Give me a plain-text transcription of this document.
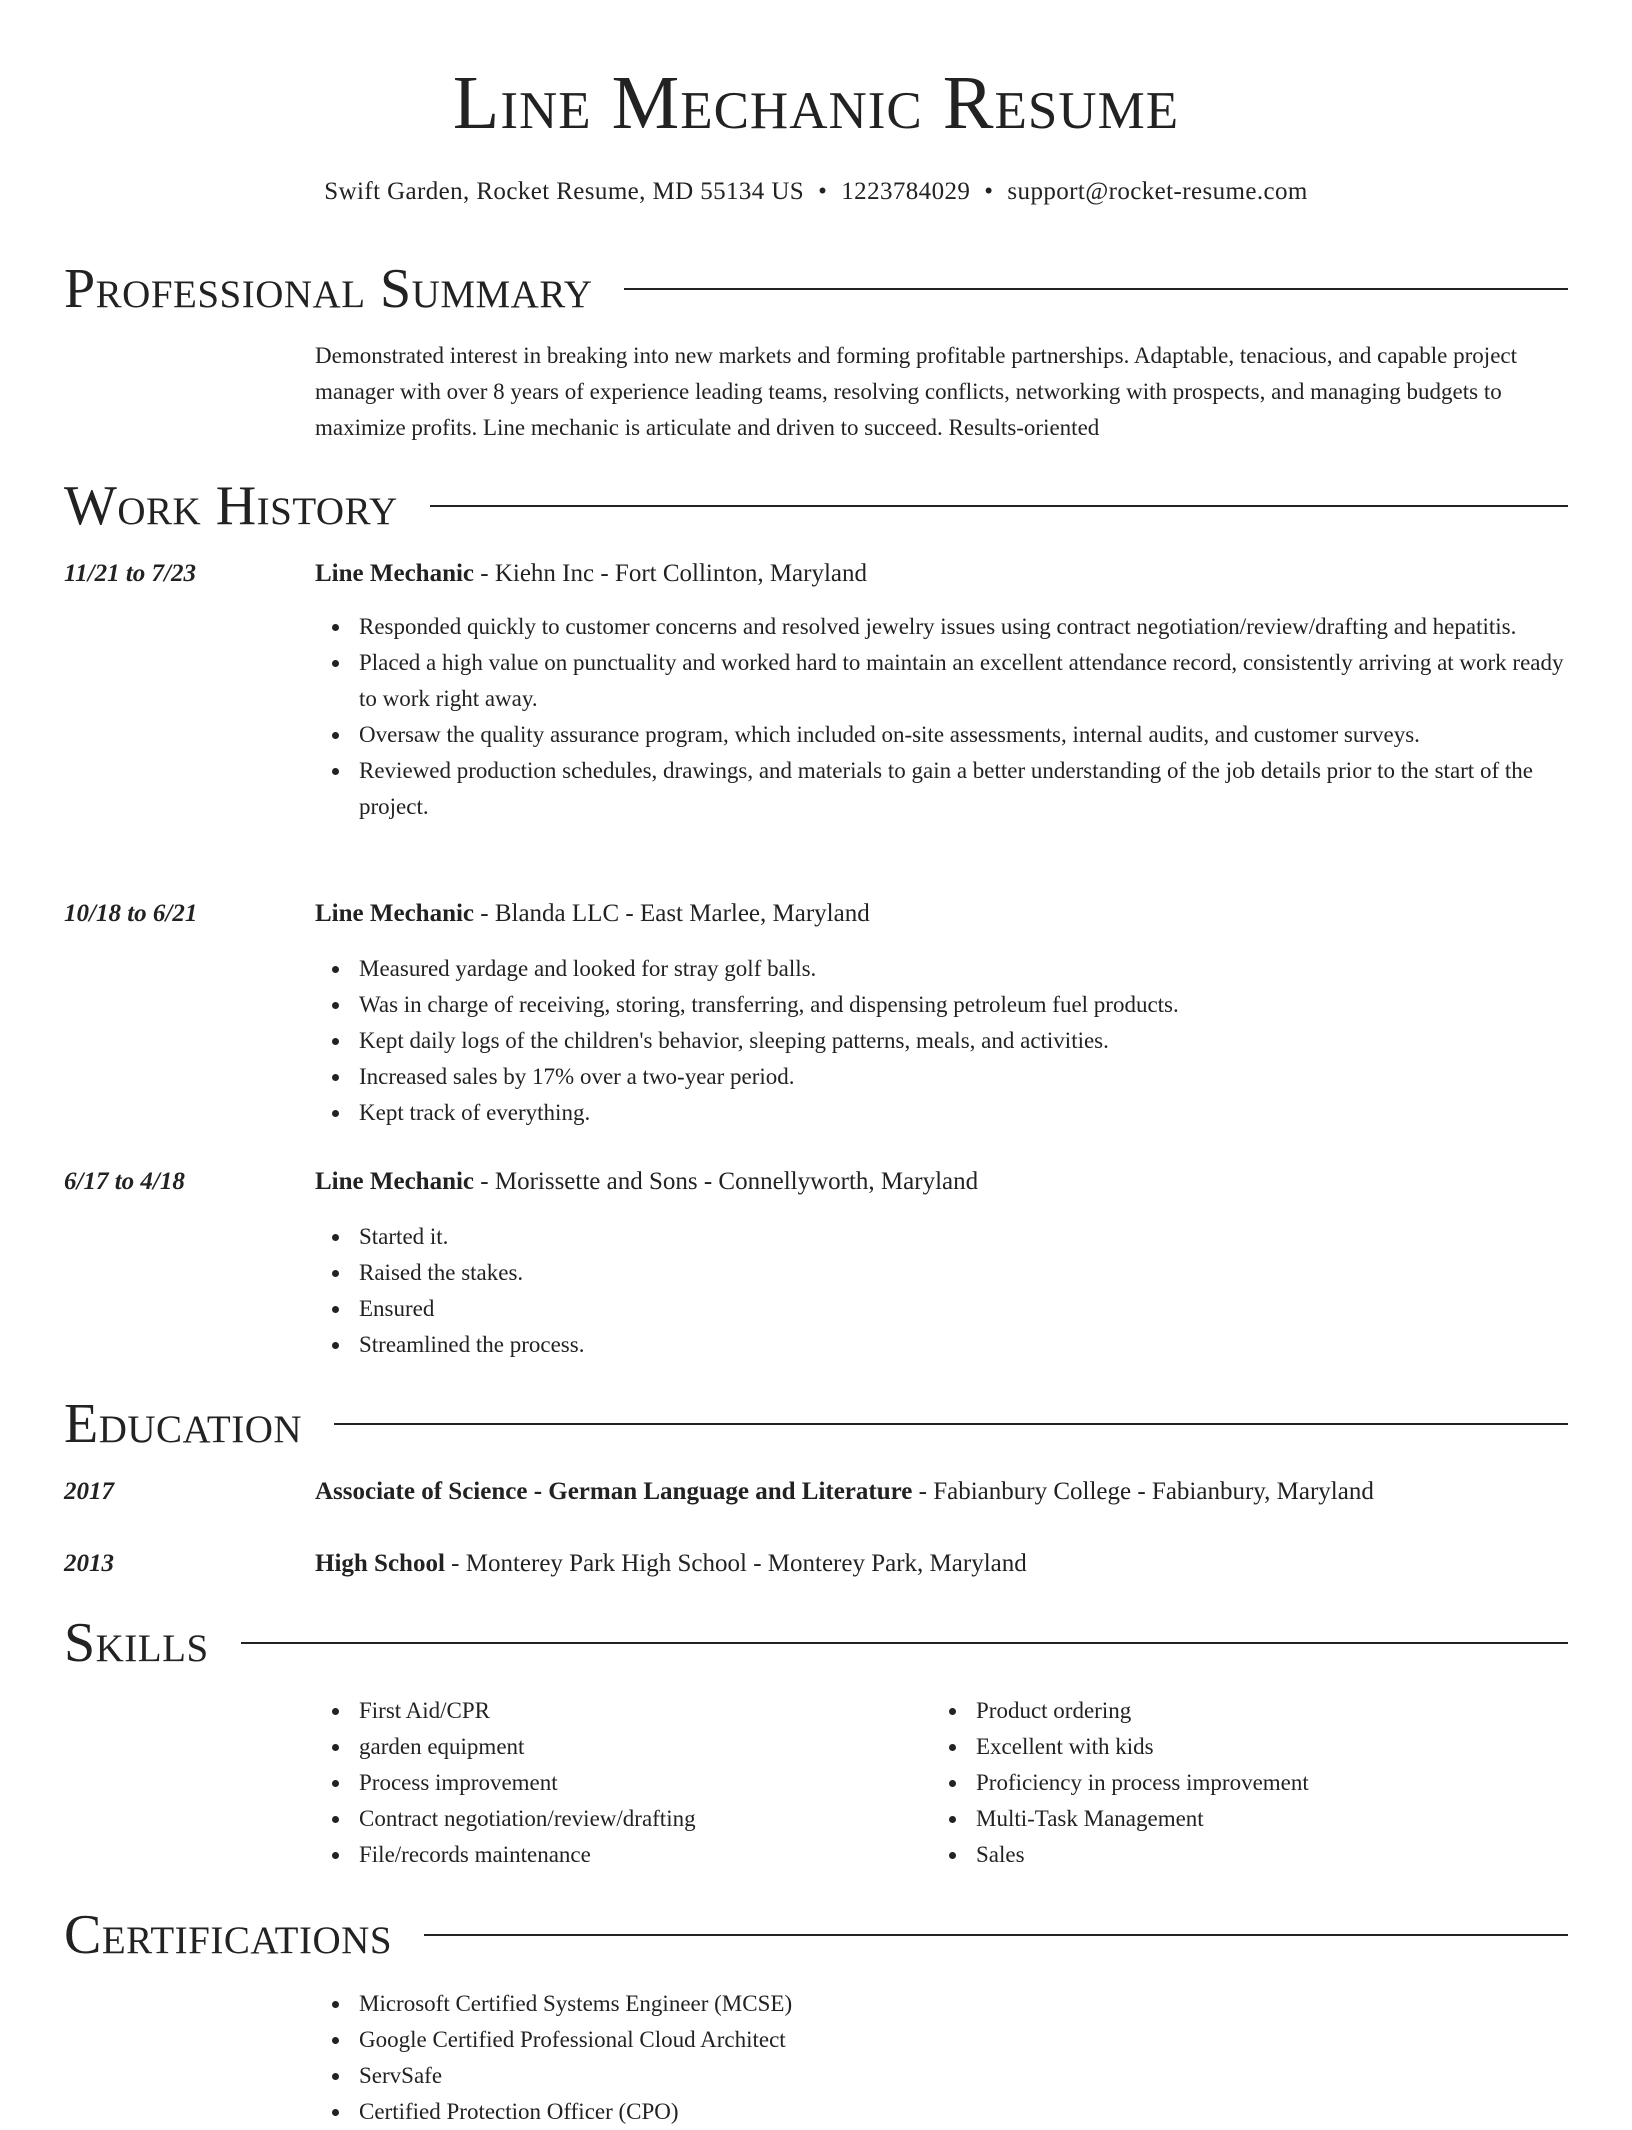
Line Mechanic Resume
Swift Garden, Rocket Resume, MD 55134 US • 1223784029 • support@rocket-resume.com
Professional Summary

Demonstrated interest in breaking into new markets and forming profitable partnerships. Adaptable, tenacious, and capable project manager with over 8 years of experience leading teams, resolving conflicts, networking with prospects, and managing budgets to maximize profits. Line mechanic is articulate and driven to succeed. Results-oriented

Work History
11/21 to 7/23	Line Mechanic - Kiehn Inc - Fort Collinton, Maryland
Responded quickly to customer concerns and resolved jewelry issues using contract negotiation/review/drafting and hepatitis.
Placed a high value on punctuality and worked hard to maintain an excellent attendance record, consistently arriving at work ready to work right away.
Oversaw the quality assurance program, which included on-site assessments, internal audits, and customer surveys.
Reviewed production schedules, drawings, and materials to gain a better understanding of the job details prior to the start of the project.
10/18 to 6/21	Line Mechanic - Blanda LLC - East Marlee, Maryland
Measured yardage and looked for stray golf balls.
Was in charge of receiving, storing, transferring, and dispensing petroleum fuel products.
Kept daily logs of the children's behavior, sleeping patterns, meals, and activities.
Increased sales by 17% over a two-year period.
Kept track of everything.
6/17 to 4/18	Line Mechanic - Morissette and Sons - Connellyworth, Maryland
Started it.
Raised the stakes.
Ensured
Streamlined the process.
Education
2017	Associate of Science - German Language and Literature - Fabianbury College - Fabianbury, Maryland
2013	High School - Monterey Park High School - Monterey Park, Maryland
Skills
First Aid/CPR
garden equipment
Process improvement
Contract negotiation/review/drafting
File/records maintenance
Product ordering
Excellent with kids
Proficiency in process improvement
Multi-Task Management
Sales
Certifications
Microsoft Certified Systems Engineer (MCSE)
Google Certified Professional Cloud Architect
ServSafe
Certified Protection Officer (CPO)
